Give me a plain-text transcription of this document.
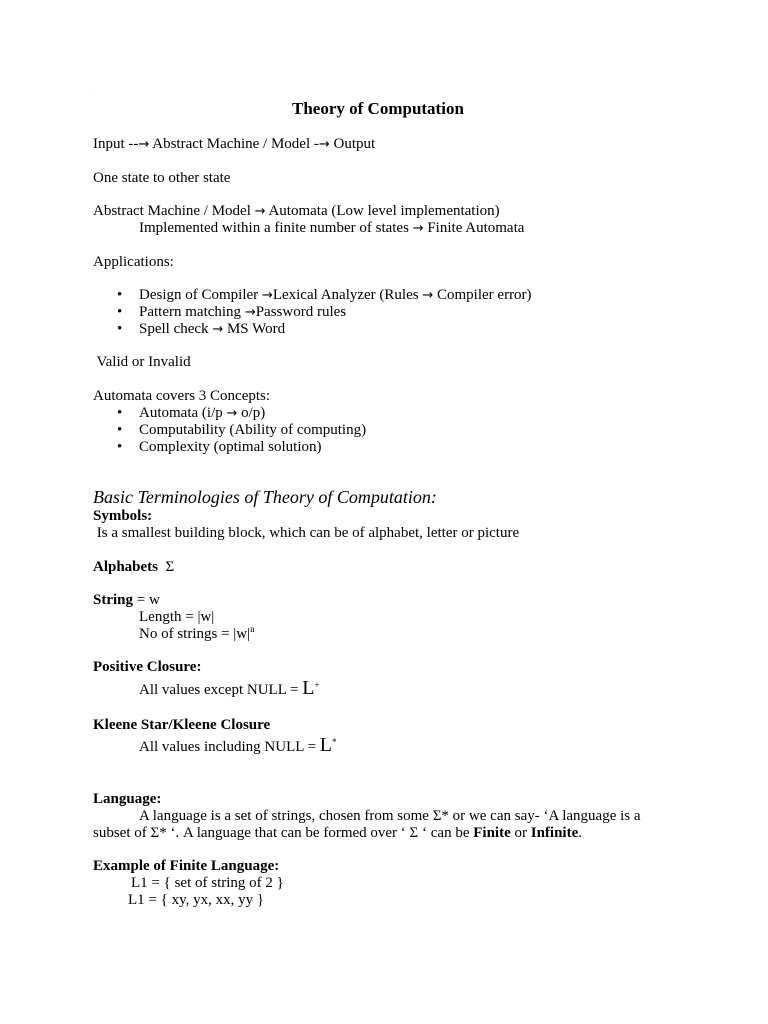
·
Theory of Computation
Input --→ Abstract Machine / Model -→ Output
One state to other state
Abstract Machine / Model → Automata (Low level implementation)
Implemented within a finite number of states → Finite Automata
Applications:
• Design of Compiler →Lexical Analyzer (Rules → Compiler error)
• Pattern matching →Password rules
• Spell check → MS Word
Valid or Invalid
Automata covers 3 Concepts:
• Automata (i/p → o/p)
• Computability (Ability of computing)
• Complexity (optimal solution)
Basic Terminologies of Theory of Computation:
Symbols:
Is a smallest building block, which can be of alphabet, letter or picture
Alphabets Σ
String = w
Length = |w|
No of strings = $|w|^n$
Positive Closure:
All values except NULL = L+
Kleene Star/Kleene Closure
All values including NULL = L*
Language:
A language is a set of strings, chosen from some Σ* or we can say- ‘A language is a
subset of Σ* ‘. A language that can be formed over ‘ Σ ‘ can be Finite or Infinite.
Example of Finite Language:
L1 = { set of string of 2 }
L1 = { xy, yx, xx, yy }
